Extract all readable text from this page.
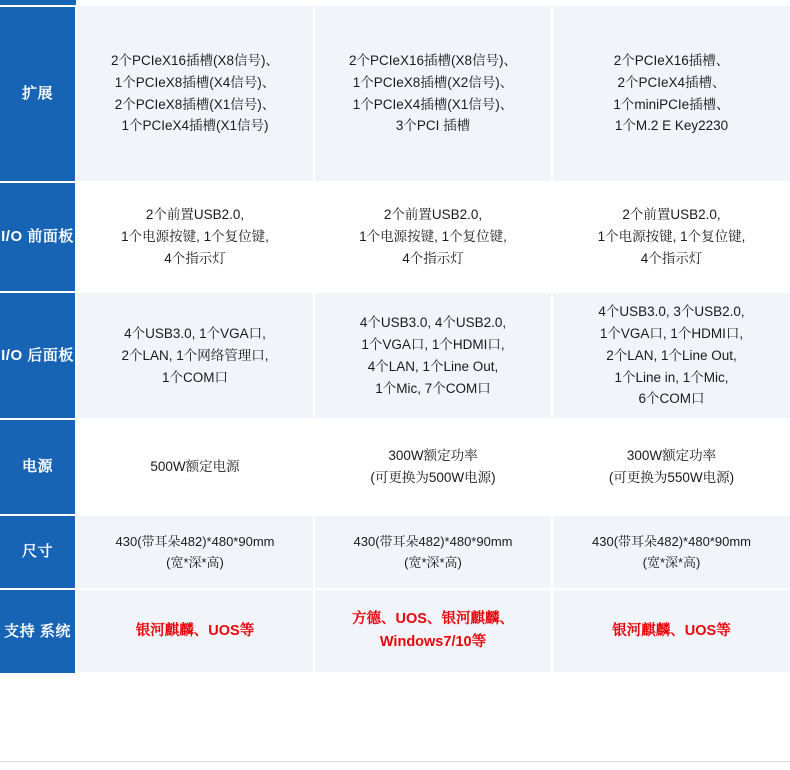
扩展	2个PCIeX16插槽(X8信号)、
1个PCIeX8插槽(X4信号)、
2个PCIeX8插槽(X1信号)、
1个PCIeX4插槽(X1信号)	2个PCIeX16插槽(X8信号)、
1个PCIeX8插槽(X2信号)、
1个PCIeX4插槽(X1信号)、
3个PCI 插槽	2个PCIeX16插槽、
2个PCIeX4插槽、
1个miniPCIe插槽、
1个M.2 E Key2230

I/O 前面板	2个前置USB2.0,
1个电源按键, 1个复位键,
4个指示灯	2个前置USB2.0,
1个电源按键, 1个复位键,
4个指示灯	2个前置USB2.0,
1个电源按键, 1个复位键,
4个指示灯

I/O 后面板	4个USB3.0, 1个VGA口,
2个LAN, 1个网络管理口,
1个COM口	4个USB3.0, 4个USB2.0,
1个VGA口, 1个HDMI口,
4个LAN, 1个Line Out,
1个Mic, 7个COM口	4个USB3.0, 3个USB2.0,
1个VGA口, 1个HDMI口,
2个LAN, 1个Line Out,
1个Line in, 1个Mic,
6个COM口

电源	500W额定电源	300W额定功率
(可更换为500W电源)	300W额定功率
(可更换为550W电源)

尺寸	430(带耳朵482)*480*90mm
(宽*深*高)	430(带耳朵482)*480*90mm
(宽*深*高)	430(带耳朵482)*480*90mm
(宽*深*高)

支持 系统	银河麒麟、UOS等	方德、UOS、银河麒麟、
Windows7/10等	银河麒麟、UOS等
